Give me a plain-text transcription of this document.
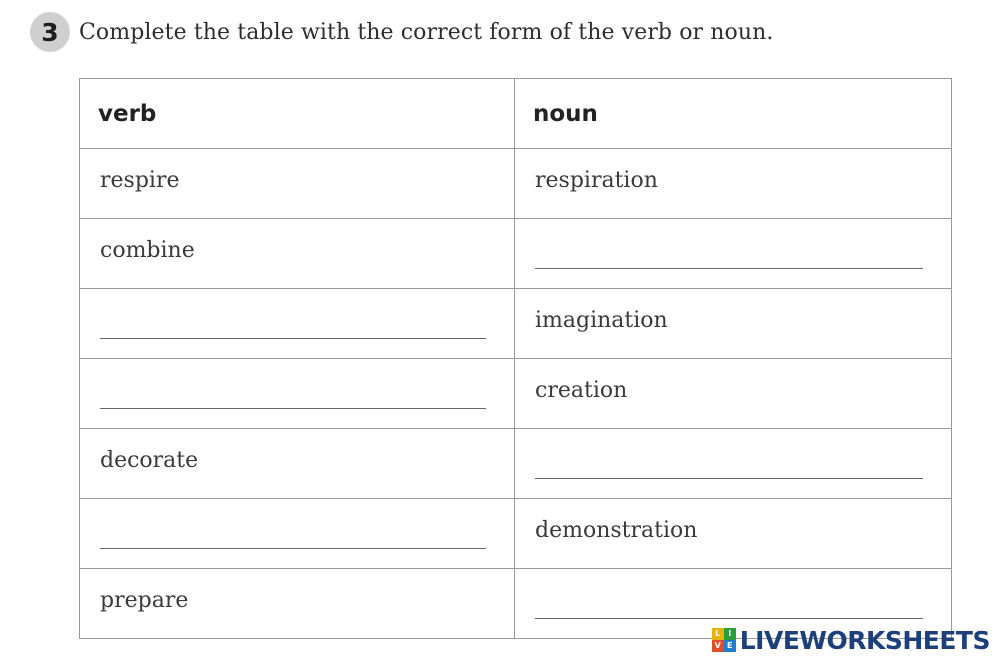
3 Complete the table with the correct form of the verb or noun.
verb	noun

respire	respiration

combine	

	imagination

	creation

decorate	

	demonstration

prepare	

L I
V E LIVEWORKSHEETS
